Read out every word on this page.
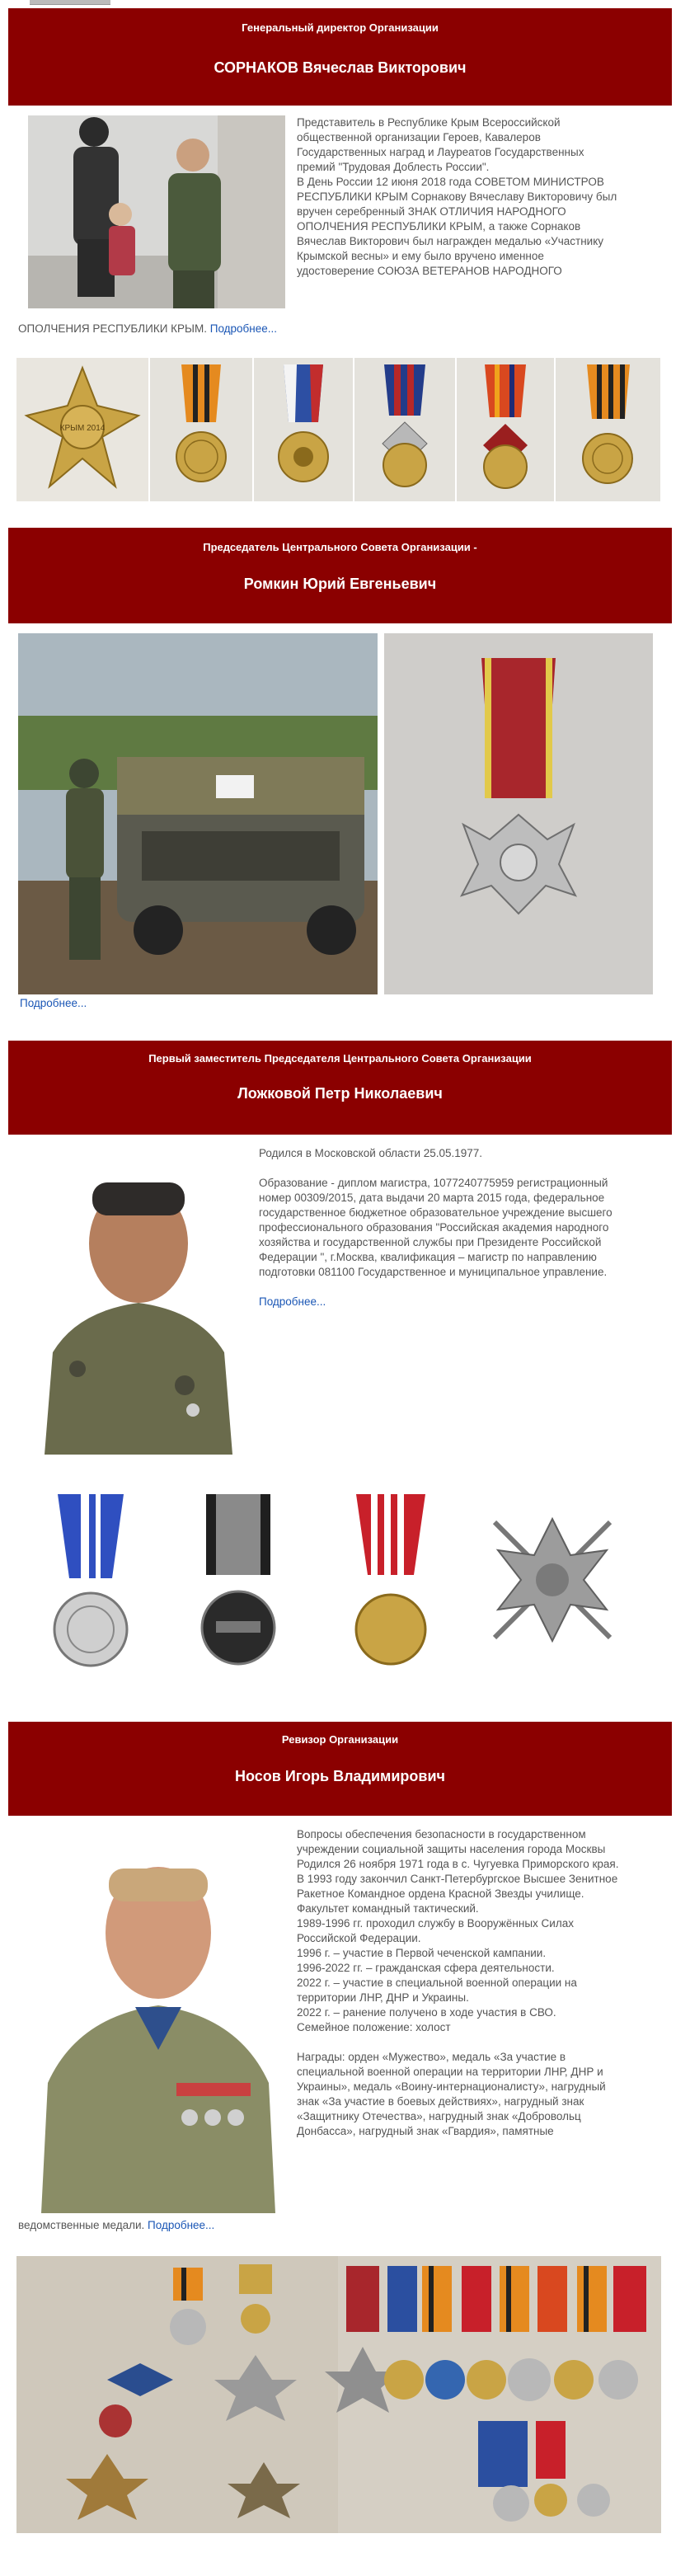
Генеральный директор Организации
СОРНАКОВ Вячеслав Викторович
Представитель в Республике Крым Всероссийской
общественной организации Героев, Кавалеров
Государственных наград и Лауреатов Государственных
премий "Трудовая Доблесть России".
В День России 12 июня 2018 года СОВЕТОМ МИНИСТРОВ
РЕСПУБЛИКИ КРЫМ Сорнакову Вячеславу Викторовичу был
вручен серебренный ЗНАК ОТЛИЧИЯ НАРОДНОГО
ОПОЛЧЕНИЯ РЕСПУБЛИКИ КРЫМ, а также Сорнаков
Вячеслав Викторович был награжден медалью «Участнику
Крымской весны» и ему было вручено именное
удостоверение СОЮЗА ВЕТЕРАНОВ НАРОДНОГО
ОПОЛЧЕНИЯ РЕСПУБЛИКИ КРЫМ. Подробнее...
КРЫМ 2014
Председатель Центрального Совета Организации -
Ромкин Юрий Евгеньевич
Подробнее...
Первый заместитель Председателя Центрального Совета Организации
Ложковой Петр Николаевич
Родился в Московской области 25.05.1977.
Образование - диплом магистра, 1077240775959 регистрационный
номер 00309/2015, дата выдачи 20 марта 2015 года, федеральное
государственное бюджетное образовательное учреждение высшего
профессионального образования "Российская академия народного
хозяйства и государственной службы при Президенте Российской
Федерации ", г.Москва, квалификация – магистр по направлению
подготовки 081100 Государственное и муниципальное управление.
Подробнее...
Ревизор Организации
Носов Игорь Владимирович
Вопросы обеспечения безопасности в государственном
учреждении социальной защиты населения города Москвы
Родился 26 ноября 1971 года в с. Чугуевка Приморского края.
В 1993 году закончил Санкт-Петербургское Высшее Зенитное
Ракетное Командное ордена Красной Звезды училище.
Факультет командный тактический.
1989-1996 гг. проходил службу в Вооружённых Силах
Российской Федерации.
1996 г. – участие в Первой чеченской кампании.
1996-2022 гг. – гражданская сфера деятельности.
2022 г. – участие в специальной военной операции на
территории ЛНР, ДНР и Украины.
2022 г. – ранение получено в ходе участия в СВО.
Семейное положение: холост
Награды: орден «Мужество», медаль «За участие в
специальной военной операции на территории ЛНР, ДНР и
Украины», медаль «Воину-интернационалисту», нагрудный
знак «За участие в боевых действиях», нагрудный знак
«Защитнику Отечества», нагрудный знак «Добровольц
Донбасса», нагрудный знак «Гвардия», памятные
ведомственные медали. Подробнее...
